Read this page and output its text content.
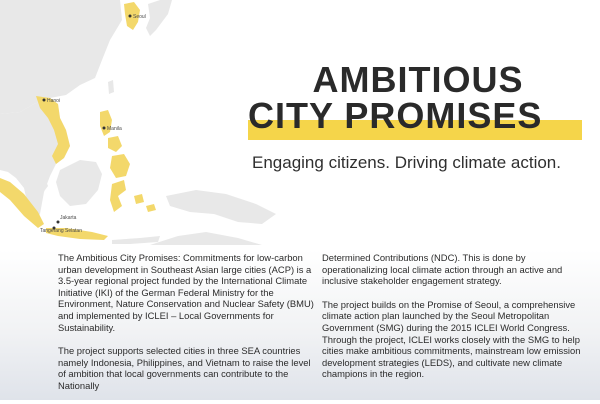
Seoul
Hanoi
Manila
Jakarta
Tangerang Selatan

AMBITIOUS

CITY PROMISES

Engaging citizens. Driving climate action.

The Ambitious City Promises: Commitments for low-carbon urban development in Southeast Asian large cities (ACP) is a 3.5-year regional project funded by the International Climate Initiative (IKI) of the German Federal Ministry for the Environment, Nature Conservation and Nuclear Safety (BMU) and implemented by ICLEI – Local Governments for Sustainability.

The project supports selected cities in three SEA countries namely Indonesia, Philippines, and Vietnam to raise the level of ambition that local governments can contribute to the Nationally

Determined Contributions (NDC). This is done by operationalizing local climate action through an active and inclusive stakeholder engagement strategy.

The project builds on the Promise of Seoul, a comprehensive climate action plan launched by the Seoul Metropolitan Government (SMG) during the 2015 ICLEI World Congress. Through the project, ICLEI works closely with the SMG to help cities make ambitious commitments, mainstream low emission development strategies (LEDS), and cultivate new climate champions in the region.
